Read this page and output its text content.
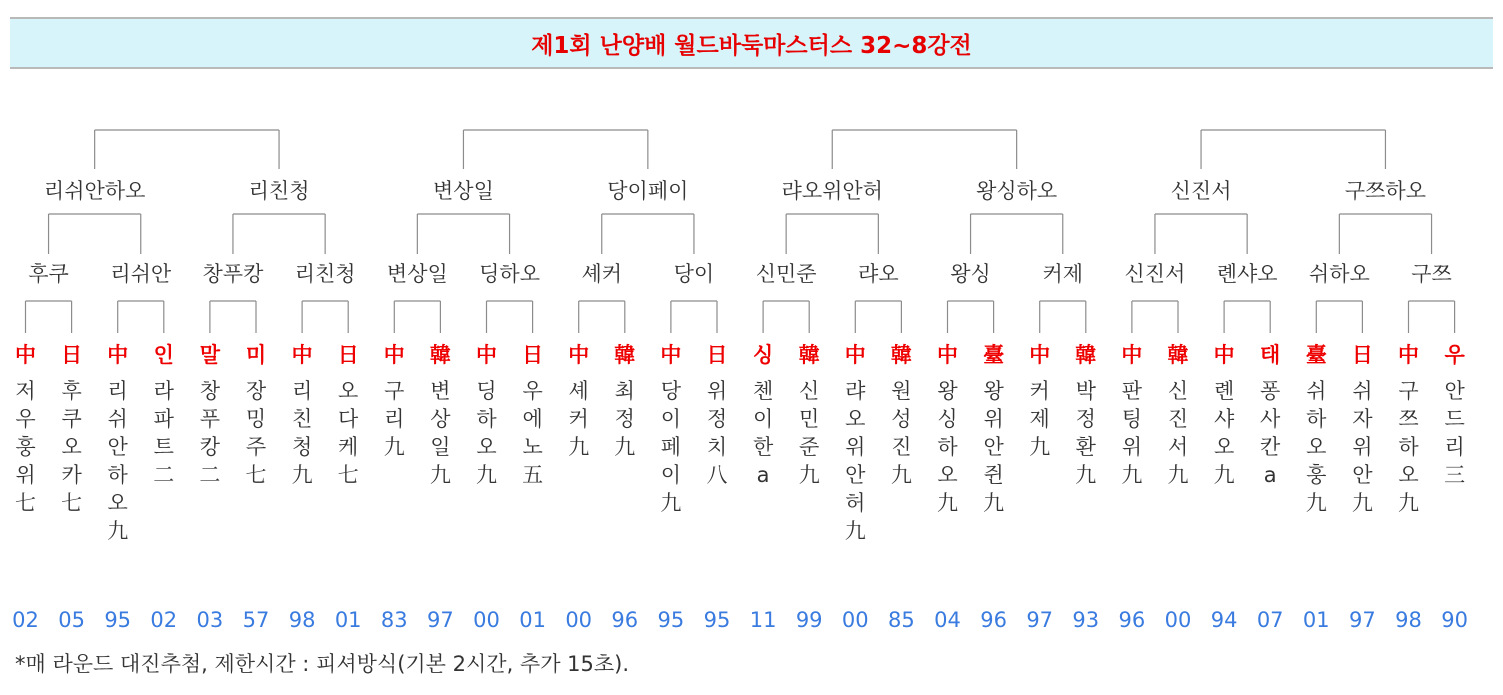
제1회 난양배 월드바둑마스터스 32~8강전
中
저우훙위七
02
日
후쿠오카七
05
中
리쉬안하오九
95
인
라파트二
02
말
창푸캉二
03
미
장밍주七
57
中
리친청九
98
日
오다케七
01
中
구리九
83
韓
변상일九
97
中
딩하오九
00
日
우에노五
01
中
셰커九
00
韓
최정九
96
中
당이페이九
95
日
위정치八
95
싱
첸이한a
11
韓
신민준九
99
中
랴오위안허九
00
韓
원성진九
85
中
왕싱하오九
04
臺
왕위안쥔九
96
中
커제九
97
韓
박정환九
93
中
판팅위九
96
韓
신진서九
00
中
롄샤오九
94
태
퐁사칸a
07
臺
쉬하오훙九
01
日
쉬자위안九
97
中
구쯔하오九
98
우
안드리三
90
후쿠 리쉬안 창푸캉 리친청 변상일 딩하오 셰커 당이 신민준 랴오 왕싱 커제 신진서 롄샤오 쉬하오 구쯔
리쉬안하오	리친청	변상일	당이페이	랴오위안허	왕싱하오	신진서	구쯔하오
*매 라운드 대진추첨, 제한시간 : 피셔방식(기본 2시간, 추가 15초).
